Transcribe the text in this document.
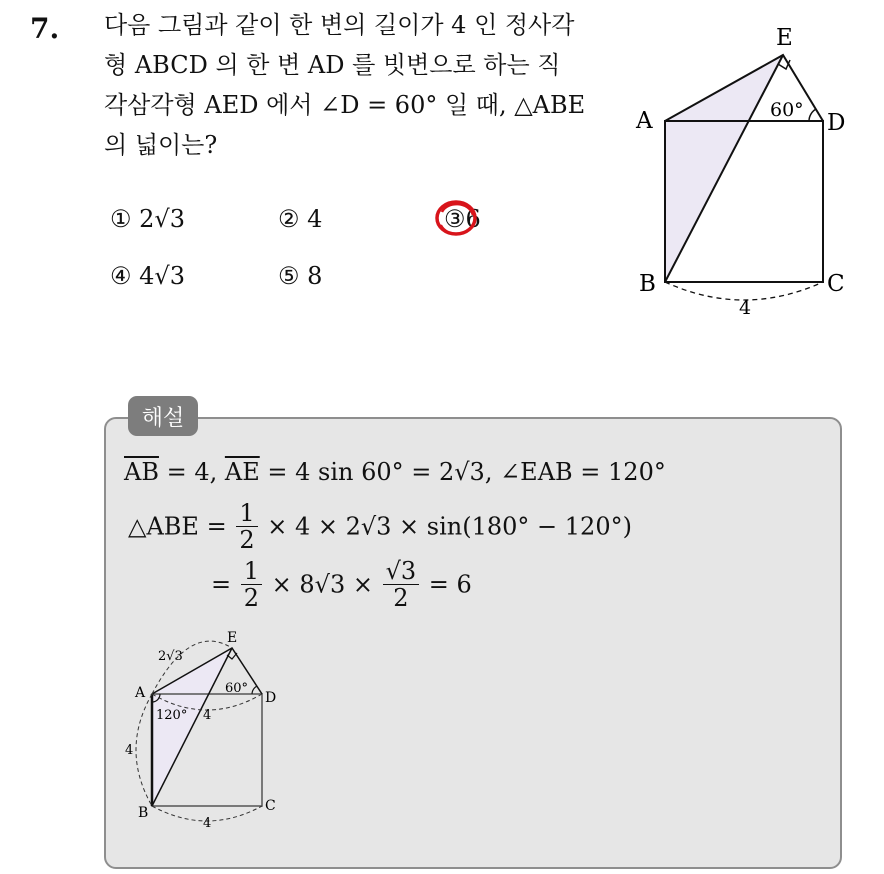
7. 다음 그림과 같이 한 변의 길이가 4 인 정사각
형 ABCD 의 한 변 AD 를 빗변으로 하는 직
각삼각형 AED 에서 ∠D = 60° 일 때, △ABE
의 넓이는?
① 2√3	② 4	③6
④ 4√3	⑤ 8
E
A	D
B	C
60°
4
해설
$\overline{AB} = 4$, $\overline{AE} = 4$ sin 60° = 2√3, ∠EAB = 120°
△ABE = $\frac{1}{2} \times 4 \times 2√3 \times \sin(180^\circ - 120^\circ)$
= $\frac{1}{2} \times 8√3 \times \frac{√3}{2} = 6$
E
A	D
B	C
2√3
60°
120° 4
4
4
